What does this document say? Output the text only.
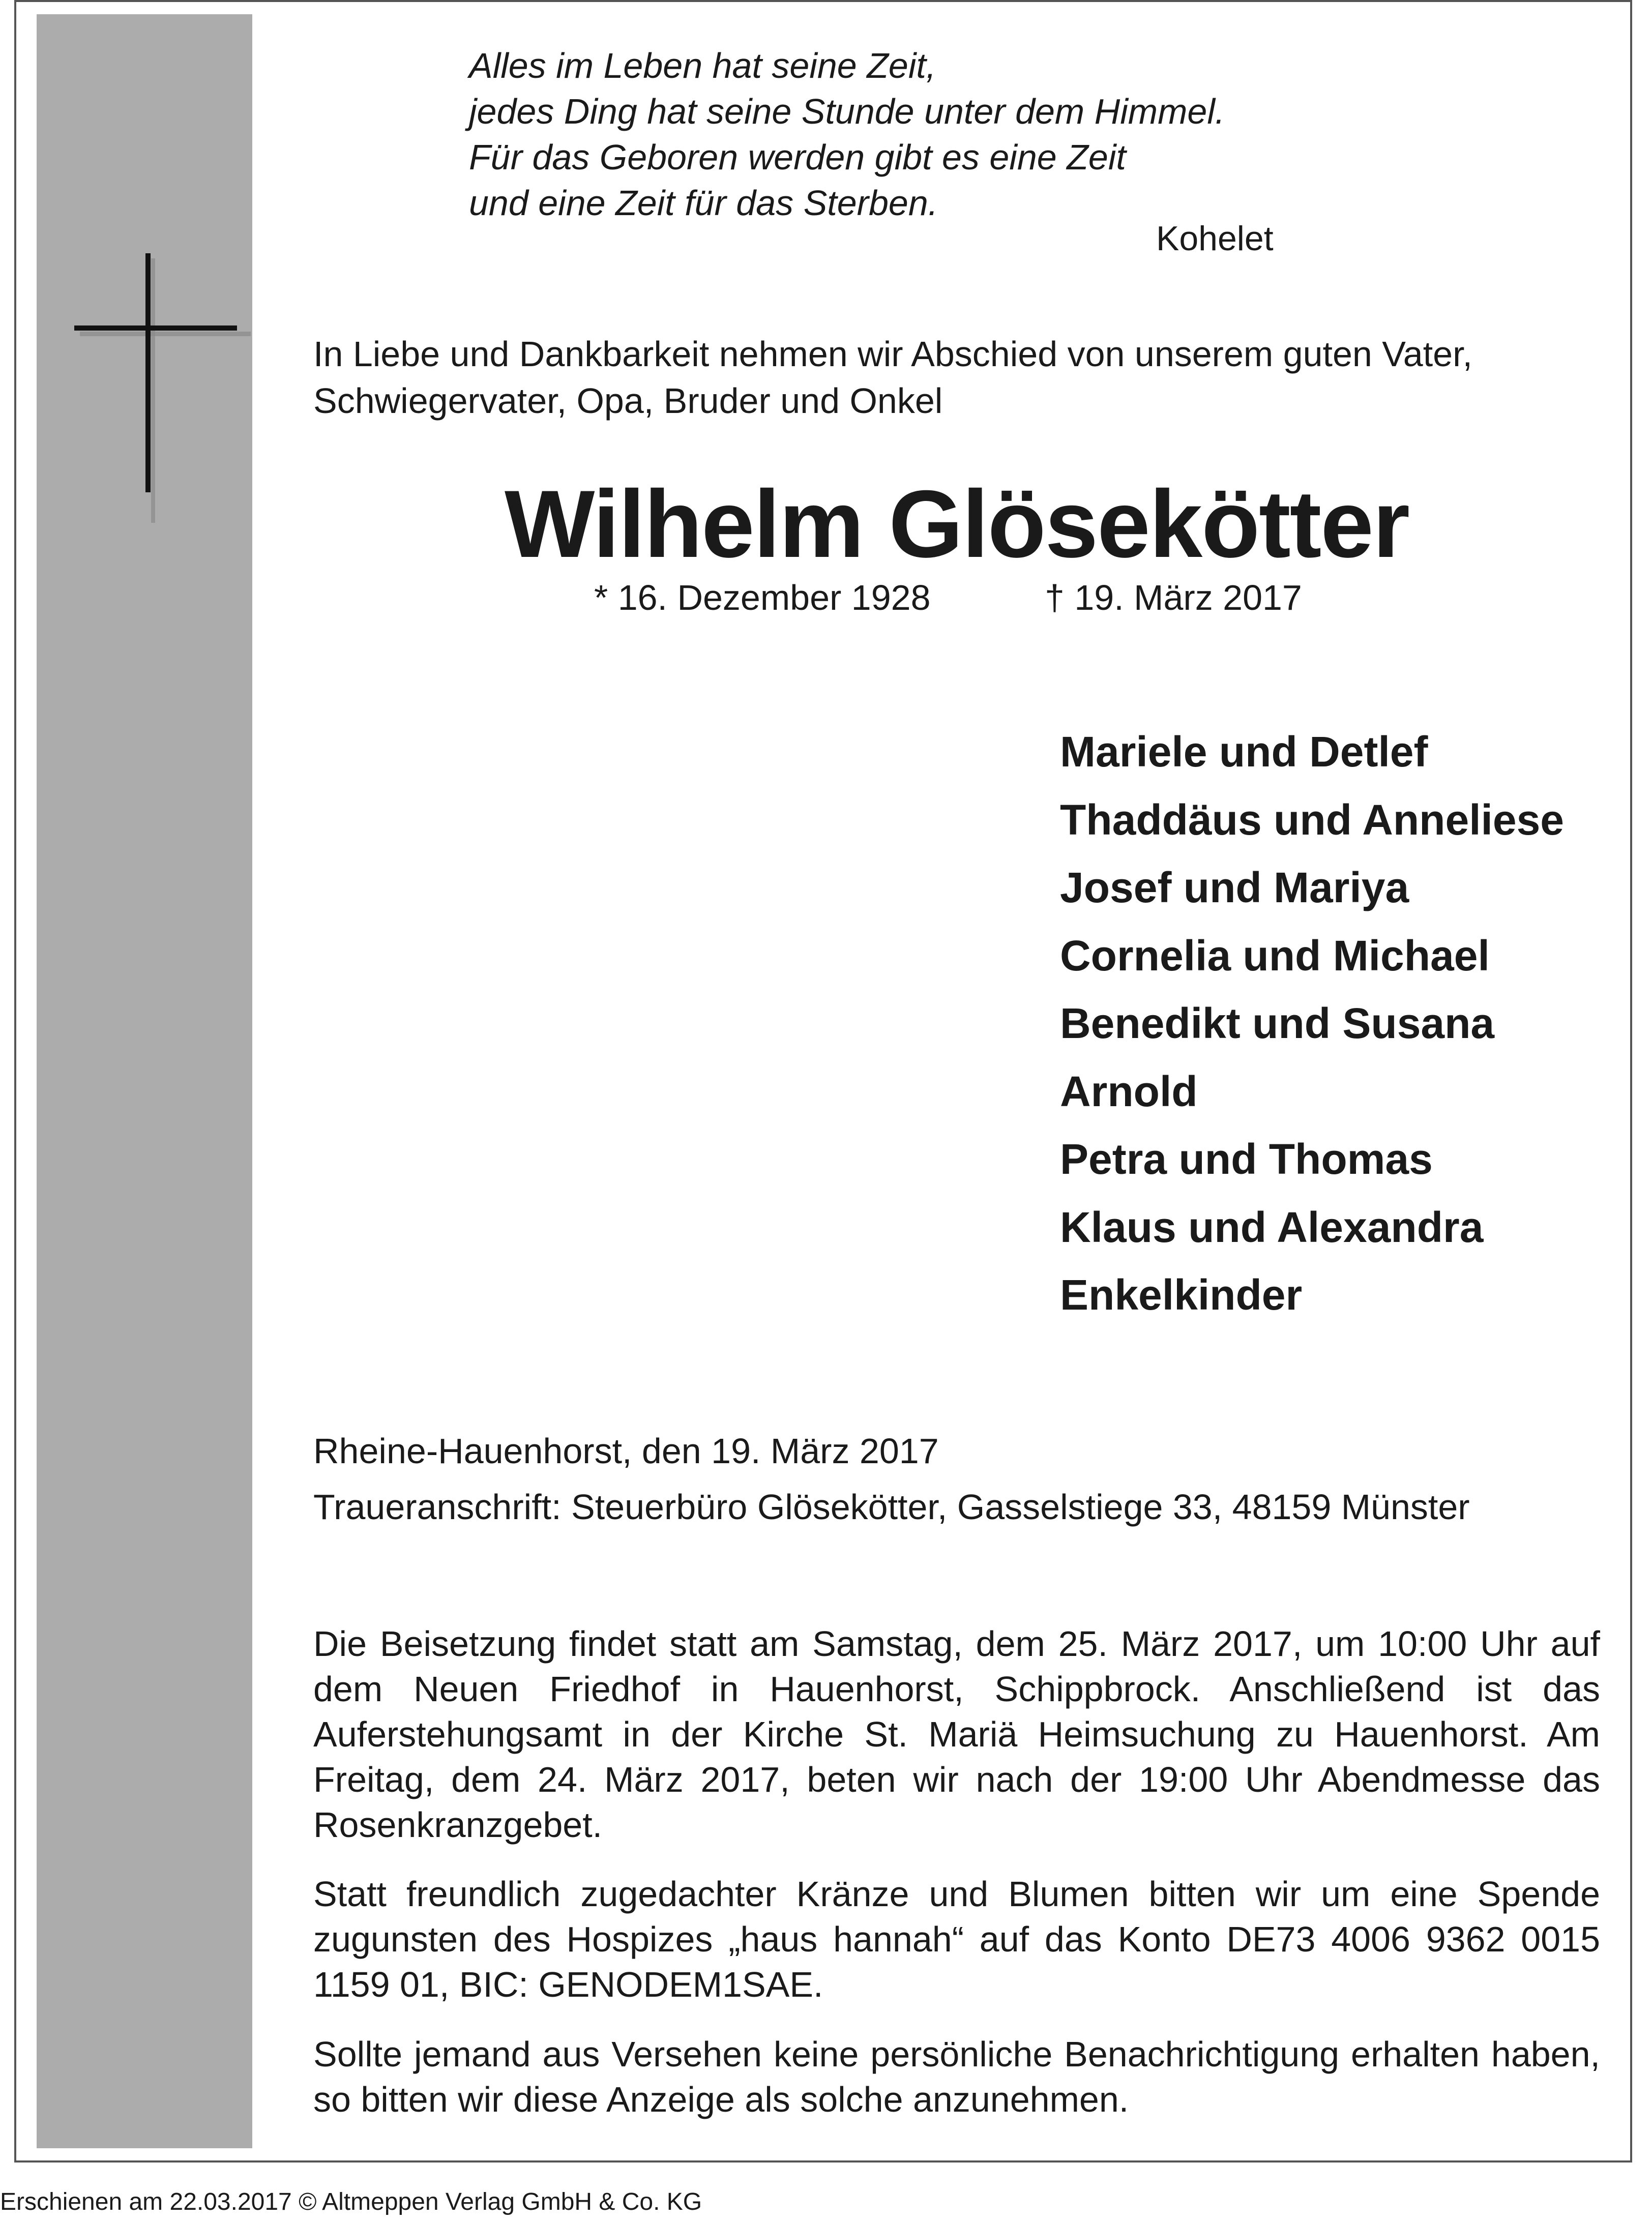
Alles im Leben hat seine Zeit,
jedes Ding hat seine Stunde unter dem Himmel.
Für das Geboren werden gibt es eine Zeit
und eine Zeit für das Sterben.
Kohelet
In Liebe und Dankbarkeit nehmen wir Abschied von unserem guten Vater,
Schwiegervater, Opa, Bruder und Onkel
Wilhelm Glösekötter
* 16. Dezember 1928	† 19. März 2017
Mariele und Detlef
Thaddäus und Anneliese
Josef und Mariya
Cornelia und Michael
Benedikt und Susana
Arnold
Petra und Thomas
Klaus und Alexandra
Enkelkinder
Rheine-Hauenhorst, den 19. März 2017
Traueranschrift: Steuerbüro Glösekötter, Gasselstiege 33, 48159 Münster
Die Beisetzung findet statt am Samstag, dem 25. März 2017, um 10:00 Uhr auf dem Neuen Friedhof in Hauenhorst, Schippbrock. Anschließend ist das Auferstehungsamt in der Kirche St. Mariä Heimsuchung zu Hauenhorst. Am Freitag, dem 24. März 2017, beten wir nach der 19:00 Uhr Abendmesse das Rosenkranzgebet.
Statt freundlich zugedachter Kränze und Blumen bitten wir um eine Spende zugunsten des Hospizes „haus hannah“ auf das Konto DE73 4006 9362 0015 1159 01, BIC: GENODEM1SAE.
Sollte jemand aus Versehen keine persönliche Benachrichtigung erhalten haben, so bitten wir diese Anzeige als solche anzunehmen.
Erschienen am 22.03.2017 © Altmeppen Verlag GmbH & Co. KG
